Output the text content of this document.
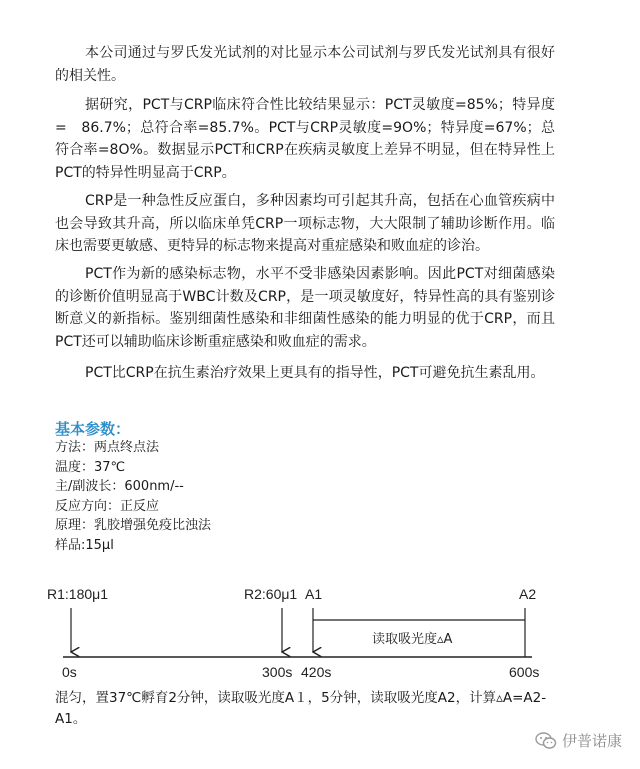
本公司通过与罗氏发光试剂的对比显示本公司试剂与罗氏发光试剂具有很好的相关性。

据研究，PCT与CRP临床符合性比较结果显示：PCT灵敏度=85%；特异度=　86.7%；总符合率=85.7%。PCT与CRP灵敏度=9O%；特异度=67%；总符合率=8O%。数据显示PCT和CRP在疾病灵敏度上差异不明显，但在特异性上PCT的特异性明显高于CRP。

CRP是一种急性反应蛋白，多种因素均可引起其升高，包括在心血管疾病中也会导致其升高，所以临床单凭CRP一项标志物，大大限制了辅助诊断作用。临床也需要更敏感、更特异的标志物来提高对重症感染和败血症的诊治。

PCT作为新的感染标志物，水平不受非感染因素影响。因此PCT对细菌感染的诊断价值明显高于WBC计数及CRP，是一项灵敏度好，特异性高的具有鉴别诊断意义的新指标。鉴别细菌性感染和非细菌性感染的能力明显的优于CRP，而且PCT还可以辅助临床诊断重症感染和败血症的需求。

PCT比CRP在抗生素治疗效果上更具有的指导性，PCT可避免抗生素乱用。

基本参数：
方法：两点终点法
温度：37℃
主/副波长：600nm/--
反应方向：正反应
原理：乳胶增强免疫比浊法
样品:15μl
R1:180μ1	R2:60μ1 A1	A2
读取吸光度▵A
0s	300s 420s	600s

混匀，置37℃孵育2分钟，读取吸光度A１，5分钟，读取吸光度A2，计算▵A=A2-A1。

伊普诺康
